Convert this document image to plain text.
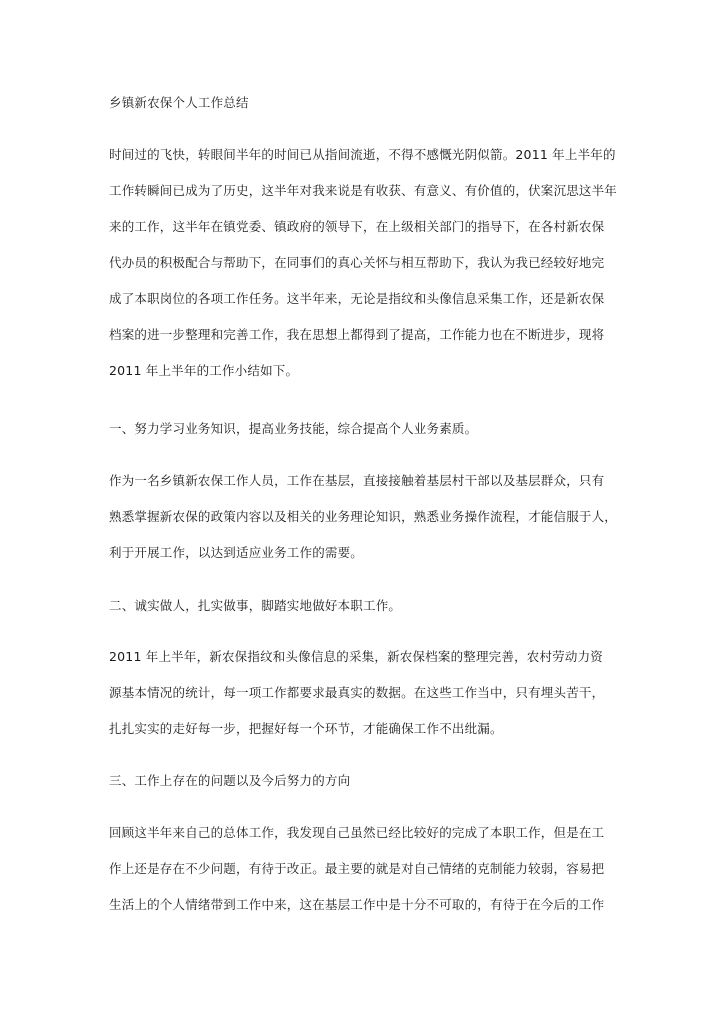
乡镇新农保个人工作总结

时间过的飞快，转眼间半年的时间已从指间流逝，不得不感慨光阴似箭。2011 年上半年的

工作转瞬间已成为了历史，这半年对我来说是有收获、有意义、有价值的，伏案沉思这半年

来的工作，这半年在镇党委、镇政府的领导下，在上级相关部门的指导下，在各村新农保

代办员的积极配合与帮助下，在同事们的真心关怀与相互帮助下，我认为我已经较好地完

成了本职岗位的各项工作任务。这半年来，无论是指纹和头像信息采集工作，还是新农保

档案的进一步整理和完善工作，我在思想上都得到了提高，工作能力也在不断进步，现将

2011 年上半年的工作小结如下。

一、努力学习业务知识，提高业务技能，综合提高个人业务素质。

作为一名乡镇新农保工作人员，工作在基层，直接接触着基层村干部以及基层群众，只有

熟悉掌握新农保的政策内容以及相关的业务理论知识，熟悉业务操作流程，才能信服于人，

利于开展工作，以达到适应业务工作的需要。

二、诚实做人，扎实做事，脚踏实地做好本职工作。

2011 年上半年，新农保指纹和头像信息的采集，新农保档案的整理完善，农村劳动力资

源基本情况的统计，每一项工作都要求最真实的数据。在这些工作当中，只有埋头苦干，

扎扎实实的走好每一步，把握好每一个环节，才能确保工作不出纰漏。

三、工作上存在的问题以及今后努力的方向

回顾这半年来自己的总体工作，我发现自己虽然已经比较好的完成了本职工作，但是在工

作上还是存在不少问题，有待于改正。最主要的就是对自己情绪的克制能力较弱，容易把

生活上的个人情绪带到工作中来，这在基层工作中是十分不可取的，有待于在今后的工作
